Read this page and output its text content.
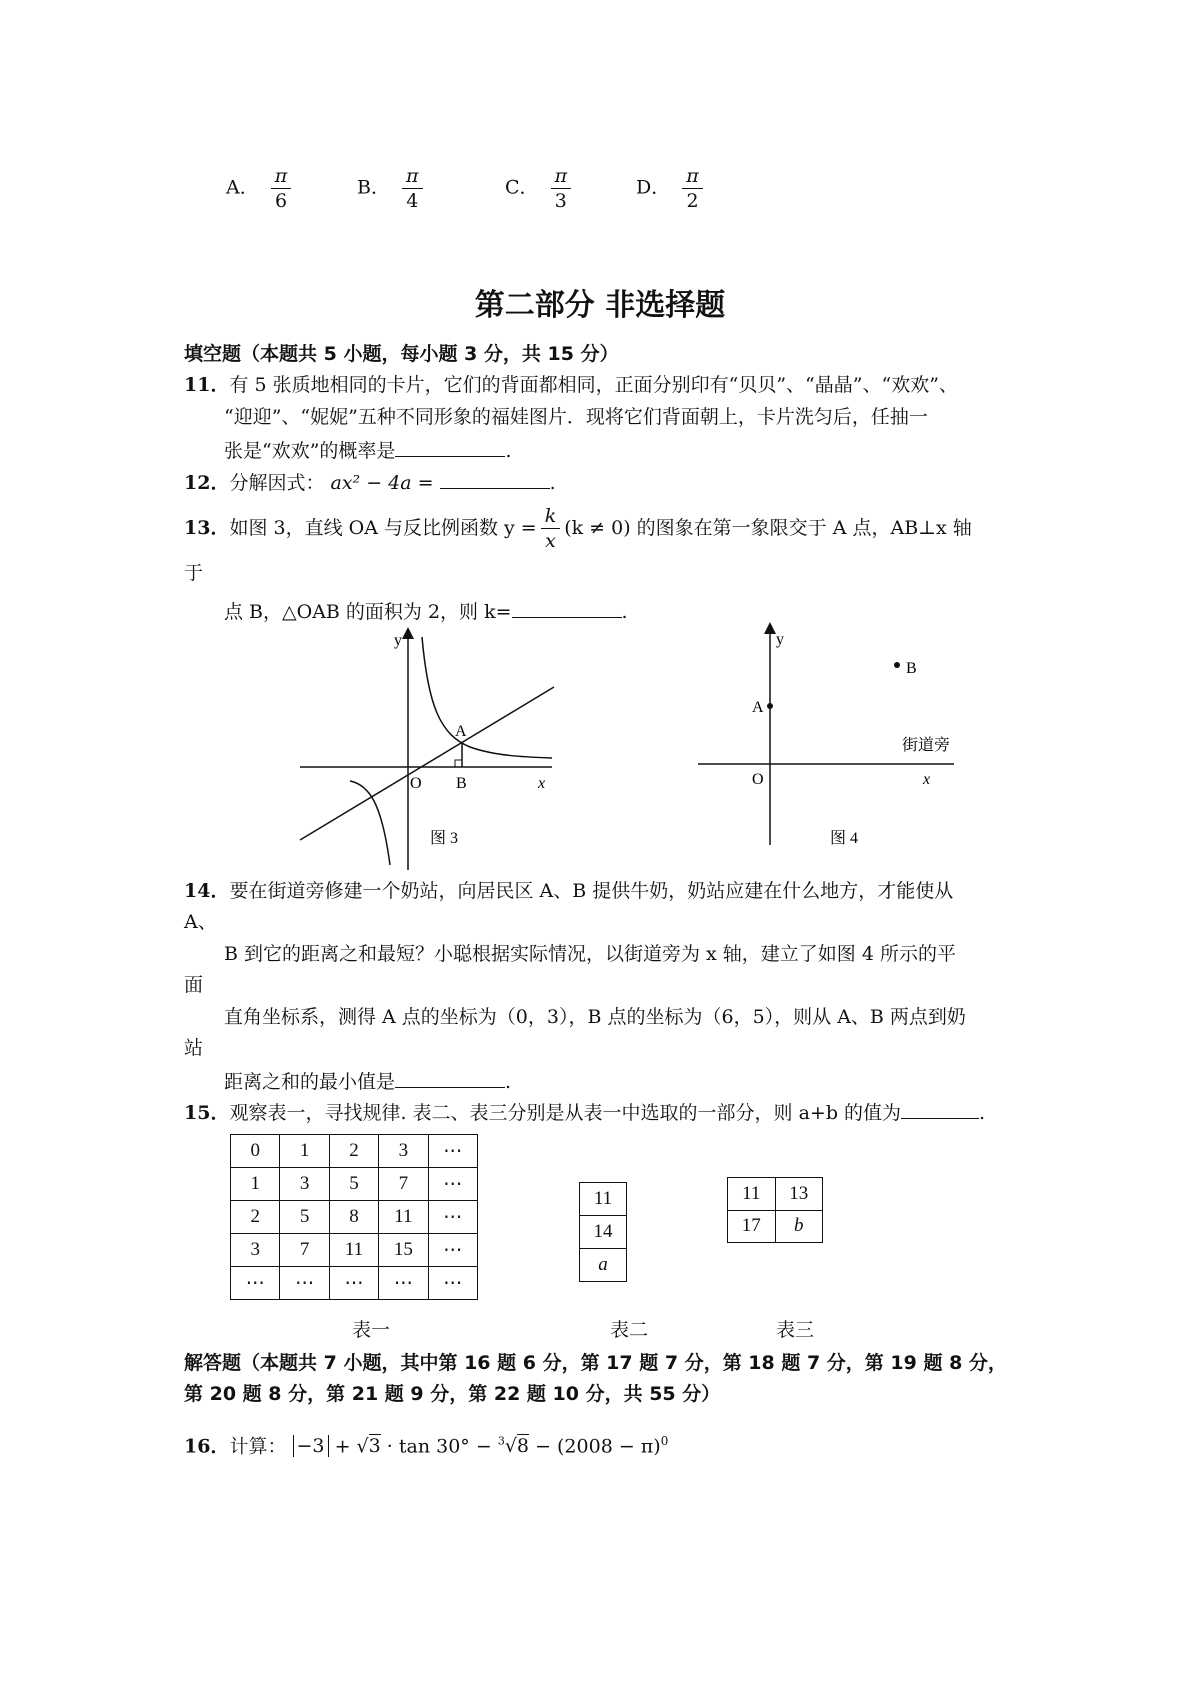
A． $\frac{\pi}{6}$	B． $\frac{\pi}{4}$	C． $\frac{\pi}{3}$	D． $\frac{\pi}{2}$
第二部分 非选择题
填空题（本题共 5 小题，每小题 3 分，共 15 分）
11．有 5 张质地相同的卡片，它们的背面都相同，正面分别印有“贝贝”、“晶晶”、“欢欢”、
“迎迎”、“妮妮”五种不同形象的福娃图片．现将它们背面朝上，卡片洗匀后，任抽一
张是“欢欢”的概率是	.
12．分解因式： ax² − 4a =	.
13． 如图 3，直线 OA 与反比例函数 $y = \frac{k}{x} (k \ne 0)$ 的图象在第一象限交于 A 点，AB⊥x 轴
于
点 B，△OAB 的面积为 2，则 k=	.
y
x
O
A
B
图 3
y
x
O
A
B
街道旁
图 4
14．要在街道旁修建一个奶站，向居民区 A、B 提供牛奶，奶站应建在什么地方，才能使从
A、
B 到它的距离之和最短？小聪根据实际情况，以街道旁为 x 轴，建立了如图 4 所示的平
面
直角坐标系，测得 A 点的坐标为（0，3），B 点的坐标为（6，5），则从 A、B 两点到奶
站
距离之和的最小值是	.
15．观察表一，寻找规律. 表二、表三分别是从表一中选取的一部分，则 a+b 的值为	.
0	1	2	3	⋯
1	3	5	7	⋯
2	5	8	11	⋯
3	7	11	15	⋯
⋯	⋯	⋯	⋯	⋯
11
14
a
11	13
17	b
表一	表二	表三
解答题（本题共 7 小题，其中第 16 题 6 分，第 17 题 7 分，第 18 题 7 分，第 19 题 8 分，
第 20 题 8 分，第 21 题 9 分，第 22 题 10 分，共 55 分）
16．计算： $-3 + √3 \cdot \tan 30^\circ - ^3√8 - (2008 - \pi)^0$
